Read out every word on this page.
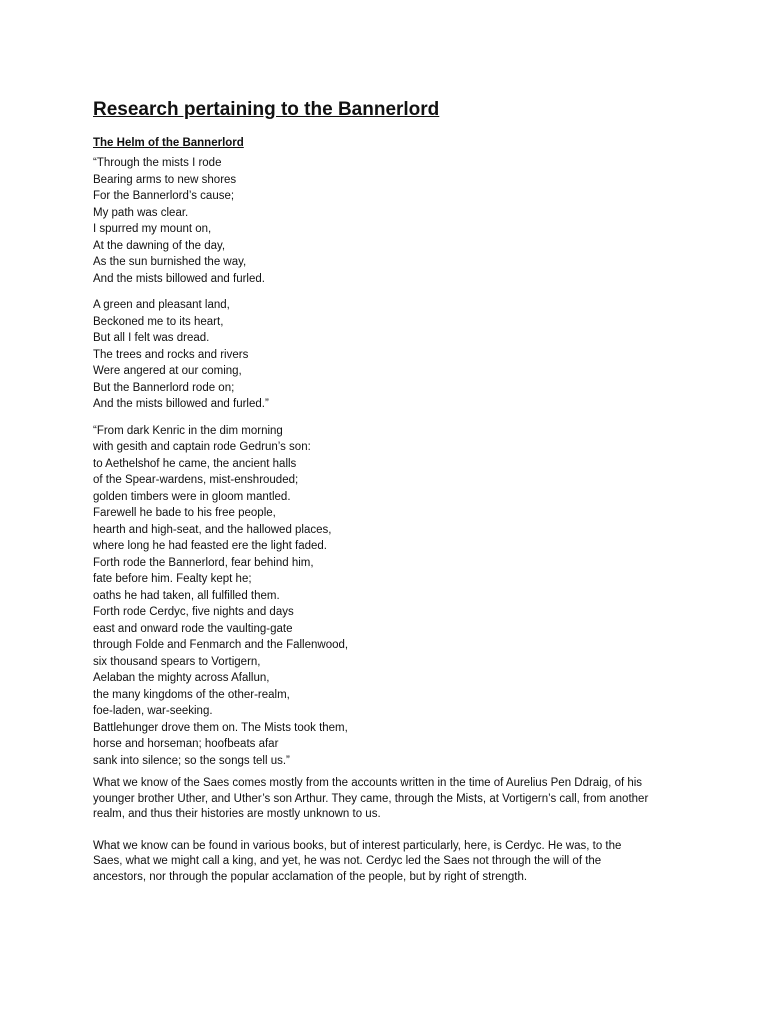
Research pertaining to the Bannerlord
The Helm of the Bannerlord
“Through the mists I rode
Bearing arms to new shores
For the Bannerlord’s cause;
My path was clear.
I spurred my mount on,
At the dawning of the day,
As the sun burnished the way,
And the mists billowed and furled.
A green and pleasant land,
Beckoned me to its heart,
But all I felt was dread.
The trees and rocks and rivers
Were angered at our coming,
But the Bannerlord rode on;
And the mists billowed and furled.”
“From dark Kenric in the dim morning
with gesith and captain rode Gedrun’s son:
to Aethelshof he came, the ancient halls
of the Spear-wardens, mist-enshrouded;
golden timbers were in gloom mantled.
Farewell he bade to his free people,
hearth and high-seat, and the hallowed places,
where long he had feasted ere the light faded.
Forth rode the Bannerlord, fear behind him,
fate before him. Fealty kept he;
oaths he had taken, all fulfilled them.
Forth rode Cerdyc, five nights and days
east and onward rode the vaulting-gate
through Folde and Fenmarch and the Fallenwood,
six thousand spears to Vortigern,
Aelaban the mighty across Afallun,
the many kingdoms of the other-realm,
foe-laden, war-seeking.
Battlehunger drove them on. The Mists took them,
horse and horseman; hoofbeats afar
sank into silence; so the songs tell us.”

What we know of the Saes comes mostly from the accounts written in the time of Aurelius Pen Ddraig, of his younger brother Uther, and Uther’s son Arthur. They came, through the Mists, at Vortigern’s call, from another realm, and thus their histories are mostly unknown to us.

What we know can be found in various books, but of interest particularly, here, is Cerdyc. He was, to the Saes, what we might call a king, and yet, he was not. Cerdyc led the Saes not through the will of the ancestors, nor through the popular acclamation of the people, but by right of strength.
